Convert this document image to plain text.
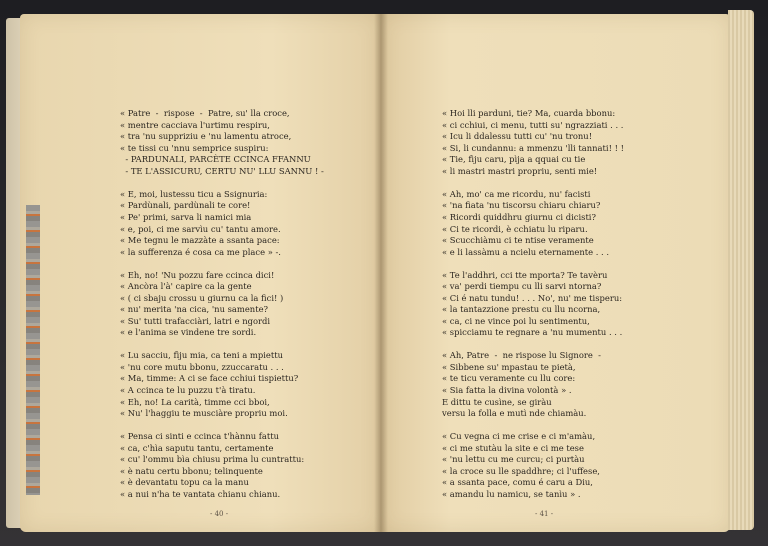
« Patre  -  rispose  -  Patre, su' lla croce,
« mentre cacciava l'urtimu respiru,
« tra 'nu suppriziu e 'nu lamentu atroce,
« te tissi cu 'nnu semprice suspiru:
- PARDUNALI, PARCÈTE CCINCA FFANNU
- TE L'ASSICURU, CERTU NU' LLU SANNU ! -
« E, moi, lustessu ticu a Ssignuria:
« Pardùnali, pardùnali te core!
« Pe' primi, sarva li namici mia
« e, poi, ci me sarvìu cu' tantu amore.
« Me tegnu le mazzàte a ssanta pace:
« la sufferenza é cosa ca me place » -.
« Eh, no! 'Nu pozzu fare ccinca dici!
« Ancòra l'à' capire ca la gente
« ( ci sbaju crossu u giurnu ca la fici! )
« nu' merita 'na cica, 'nu samente?
« Su' tutti trafacciàri, latri e ngordi
« e l'anima se vindene tre sordi.
« Lu sacciu, fìju mia, ca teni a mpiettu
« 'nu core mutu bbonu, zzuccaratu . . .
« Ma, timme: A ci se face cchiui tispiettu?
« A ccinca te lu puzzu t'à tiratu.
« Eh, no! La carità, timme cci bboi,
« Nu' l'haggiu te musciàre propriu moi.
« Pensa ci sinti e ccinca t'hànnu fattu
« ca, c'hìa saputu tantu, certamente
« cu' l'ommu bìa chiusu prima lu cuntrattu:
« è natu certu bbonu; telinquente
« è devantatu topu ca la manu
« a nui n'ha te vantata chianu chianu.
- 40 -
« Hoi lli parduni, tie? Ma, cuarda bbonu:
« ci cchiui, ci menu, tutti su' ngrazziati . . .
« Icu li ddalessu tutti cu' 'nu tronu!
« Si, li cundannu: a mmenzu 'lli tannati! ! !
« Tie, fìju caru, pìja a qquai cu tie
« li mastri mastri propriu, senti mie!
« Ah, mo' ca me ricordu, nu' facisti
« 'na fiata 'nu tiscorsu chiaru chiaru?
« Ricordi quiddhru giurnu ci dicisti?
« Ci te ricordi, è cchiatu lu riparu.
« Scucchiàmu ci te ntise veramente
« e li lassàmu a ncielu eternamente . . .
« Te l'addhri, cci tte mporta? Te tavèru
« va' perdi tiempu cu lli sarvi ntorna?
« Ci é natu tundu! . . . No', nu' me tisperu:
« la tantazzione prestu cu llu ncorna,
« ca, ci ne vince poi lu sentimentu,
« spicciamu te regnare a 'nu mumentu . . .
« Ah, Patre  -  ne rispose lu Signore  -
« Sibbene su' mpastau te pietà,
« te ticu veramente cu llu core:
« Sia fatta la divina volontà » .
E dittu te cusìne, se giràu
versu la folla e mutì nde chiamàu.
« Cu vegna ci me crise e ci m'amàu,
« ci me stutàu la site e ci me tese
« 'nu lettu cu me curcu; ci purtàu
« la croce su lle spaddhre; ci l'uffese,
« a ssanta pace, comu é caru a Diu,
« amandu lu namicu, se tanìu » .
- 41 -
